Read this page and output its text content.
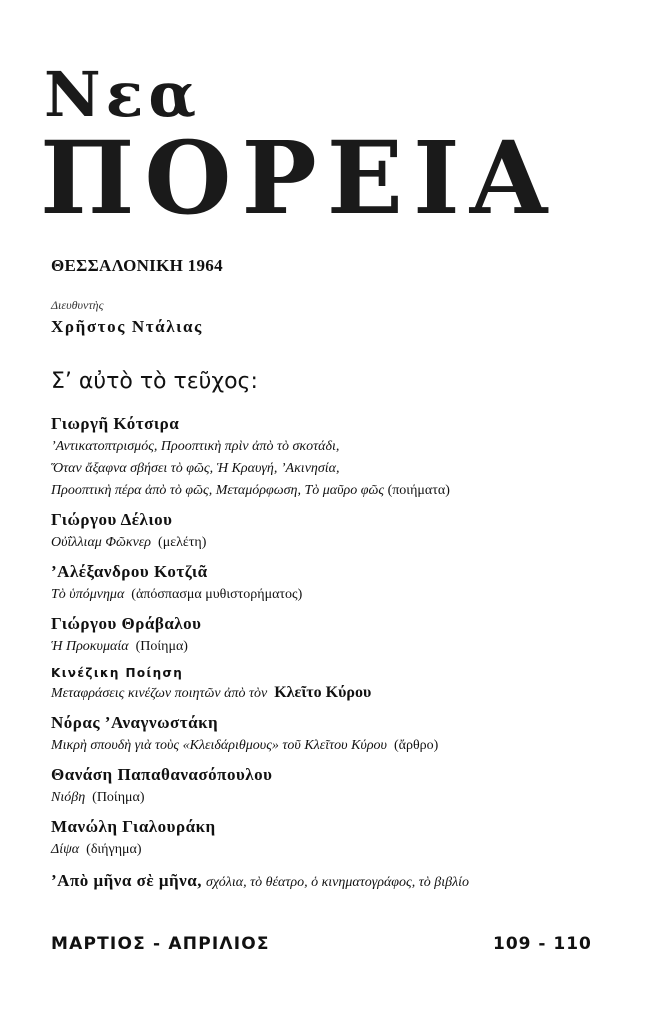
Νεα
ΠΟΡΕΙΑ
ΘΕΣΣΑΛΟΝΙΚΗ 1964
Διευθυντὴς
Χρῆστος Ντάλιας
Σ’ αὐτὸ τὸ τεῦχος:
Γιωργῆ Κότσιρα
’Αντικατοπτρισμός, Προοπτικὴ πρὶν ἀπὸ τὸ σκοτάδι,
Ὅταν ἄξαφνα σβήσει τὸ φῶς, Ἡ Κραυγή, ’Ακινησία,
Προοπτικὴ πέρα ἀπὸ τὸ φῶς, Μεταμόρφωση, Τὸ μαῦρο φῶς (ποιήματα)
Γιώργου Δέλιου
Οὐΐλλιαμ Φῶκνερ (μελέτη)
’Αλέξανδρου Κοτζιᾶ
Τὸ ὑπόμνημα (ἀπόσπασμα μυθιστορήματος)
Γιώργου Θράβαλου
Ἡ Προκυμαία (Ποίημα)
Κινέζικη Ποίηση
Μεταφράσεις κινέζων ποιητῶν ἀπὸ τὸν Κλεῖτο Κύρου
Νόρας ’Αναγνωστάκη
Μικρὴ σπουδὴ γιὰ τοὺς «Κλειδάριθμους» τοῦ Κλεῖτου Κύρου (ἄρθρο)
Θανάση Παπαθανασόπουλου
Νιόβη (Ποίημα)
Μανώλη Γιαλουράκη
Δίψα (διήγημα)
’Απὸ μῆνα σὲ μῆνα, σχόλια, τὸ θέατρο, ὁ κινηματογράφος, τὸ βιβλίο
ΜΑΡΤΙΟΣ - ΑΠΡΙΛΙΟΣ	109 - 110
